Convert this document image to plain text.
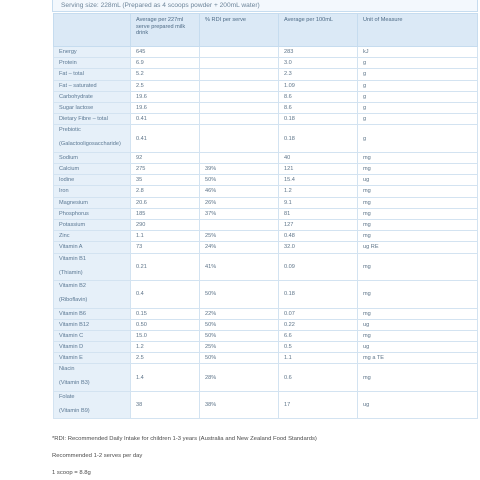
Serving size: 228mL (Prepared as 4 scoops powder + 200mL water)
	Average per 227ml serve prepared milk drink	% RDI per serve	Average per 100mL	Unit of Measure

Energy	645		283	kJ

Protein	6.9		3.0	g

Fat – total	5.2		2.3	g

Fat – saturated	2.5		1.09	g

Carbohydrate	19.6		8.6	g

Sugar lactose	19.6		8.6	g

Dietary Fibre – total	0.41		0.18	g

Prebiotic
(Galactooligosaccharide)	0.41		0.18	g

Sodium	92		40	mg

Calcium	275	39%	121	mg

Iodine	35	50%	15.4	ug

Iron	2.8	46%	1.2	mg

Magnesium	20.6	26%	9.1	mg

Phosphorus	185	37%	81	mg

Potassium	290		127	mg

Zinc	1.1	25%	0.48	mg

Vitamin A	73	24%	32.0	ug RE

Vitamin B1
(Thiamin)	0.21	41%	0.09	mg

Vitamin B2
(Riboflavin)	0.4	50%	0.18	mg

Vitamin B6	0.15	22%	0.07	mg

Vitamin B12	0.50	50%	0.22	ug

Vitamin C	15.0	50%	6.6	mg

Vitamin D	1.2	25%	0.5	ug

Vitamin E	2.5	50%	1.1	mg a TE

Niacin
(Vitamin B3)	1.4	28%	0.6	mg

Folate
(Vitamin B9)	38	38%	17	ug

*RDI: Recommended Daily Intake for children 1-3 years (Australia and New Zealand Food Standards)

Recommended 1-2 serves per day

1 scoop = 8.8g
